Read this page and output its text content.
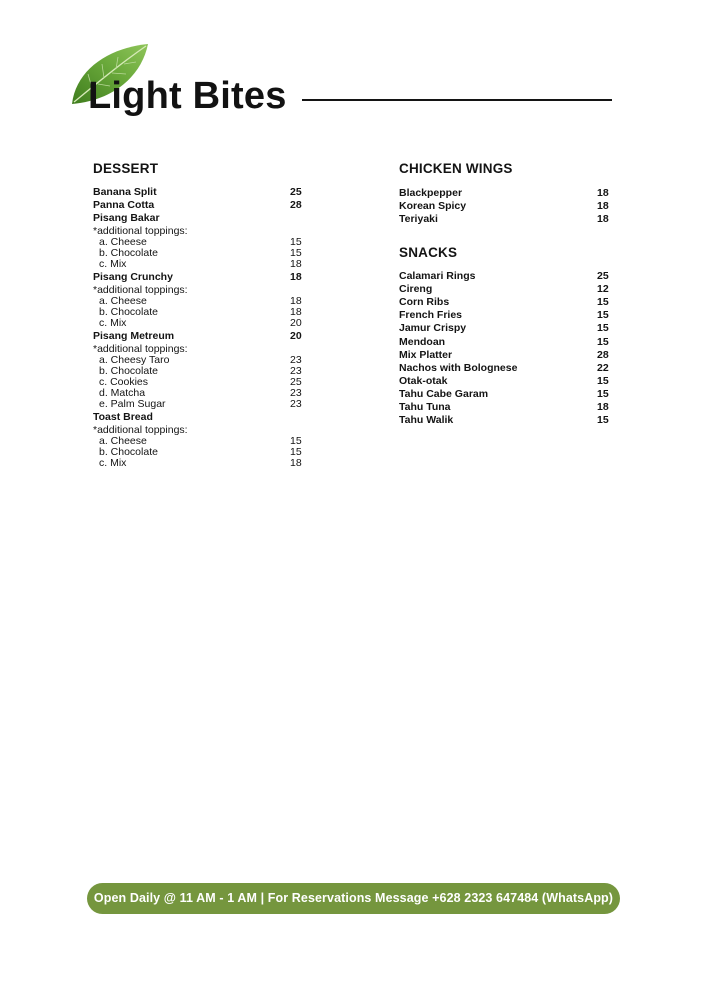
Light Bites
DESSERT
Banana Split	25
Panna Cotta	28
Pisang Bakar
*additional toppings:
a. Cheese	15
b. Chocolate	15
c. Mix	18
Pisang Crunchy	18
*additional toppings:
a. Cheese	18
b. Chocolate	18
c. Mix	20
Pisang Metreum	20
*additional toppings:
a. Cheesy Taro	23
b. Chocolate	23
c. Cookies	25
d. Matcha	23
e. Palm Sugar	23
Toast Bread
*additional toppings:
a. Cheese	15
b. Chocolate	15
c. Mix	18
CHICKEN WINGS
Blackpepper	18
Korean Spicy	18
Teriyaki	18
SNACKS
Calamari Rings	25
Cireng	12
Corn Ribs	15
French Fries	15
Jamur Crispy	15
Mendoan	15
Mix Platter	28
Nachos with Bolognese	22
Otak-otak	15
Tahu Cabe Garam	15
Tahu Tuna	18
Tahu Walik	15
Open Daily @ 11 AM - 1 AM | For Reservations Message +628 2323 647484 (WhatsApp)
